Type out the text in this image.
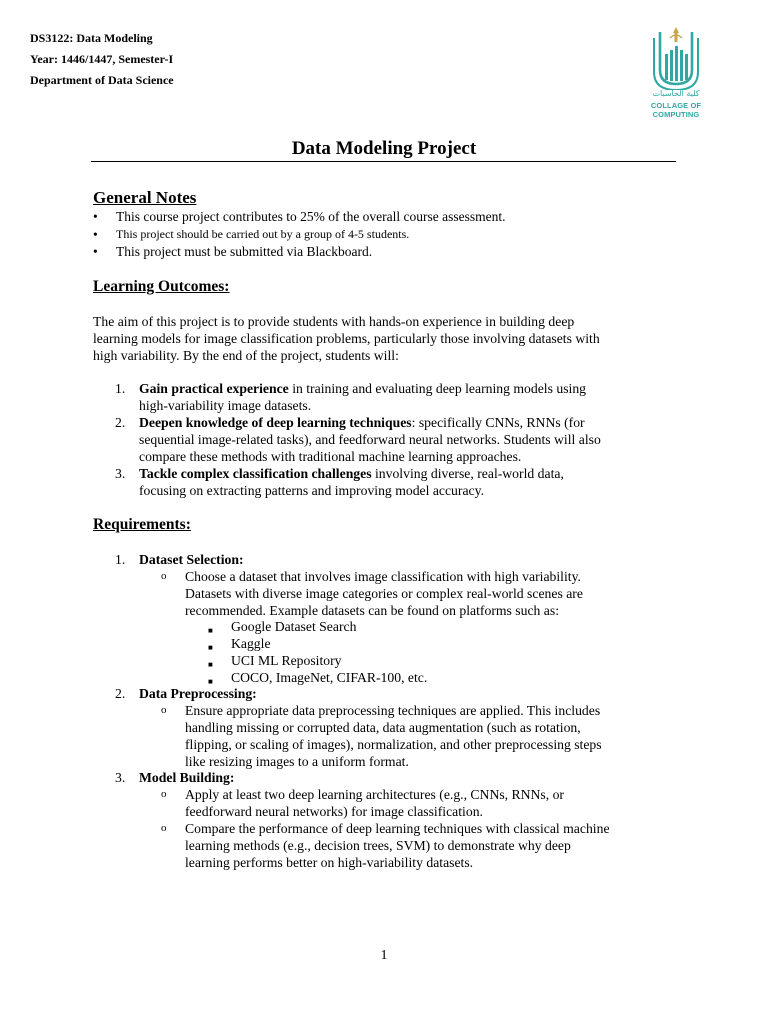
DS3122: Data Modeling
Year: 1446/1447, Semester-I
Department of Data Science
كلية الحاسبات
COLLAGE OF COMPUTING
Data Modeling Project
General Notes
• This course project contributes to 25% of the overall course assessment.
• This project should be carried out by a group of 4-5 students.
• This project must be submitted via Blackboard.
Learning Outcomes:
The aim of this project is to provide students with hands-on experience in building deep
learning models for image classification problems, particularly those involving datasets with
high variability. By the end of the project, students will:
1. Gain practical experience in training and evaluating deep learning models using
high-variability image datasets.
2. Deepen knowledge of deep learning techniques: specifically CNNs, RNNs (for
sequential image-related tasks), and feedforward neural networks. Students will also
compare these methods with traditional machine learning approaches.
3. Tackle complex classification challenges involving diverse, real-world data,
focusing on extracting patterns and improving model accuracy.
Requirements:
1. Dataset Selection:
o Choose a dataset that involves image classification with high variability.
Datasets with diverse image categories or complex real-world scenes are
recommended. Example datasets can be found on platforms such as:
■ Google Dataset Search
■ Kaggle
■ UCI ML Repository
■ COCO, ImageNet, CIFAR-100, etc.
2. Data Preprocessing:
o Ensure appropriate data preprocessing techniques are applied. This includes
handling missing or corrupted data, data augmentation (such as rotation,
flipping, or scaling of images), normalization, and other preprocessing steps
like resizing images to a uniform format.
3. Model Building:
o Apply at least two deep learning architectures (e.g., CNNs, RNNs, or
feedforward neural networks) for image classification.
o Compare the performance of deep learning techniques with classical machine
learning methods (e.g., decision trees, SVM) to demonstrate why deep
learning performs better on high-variability datasets.
1
